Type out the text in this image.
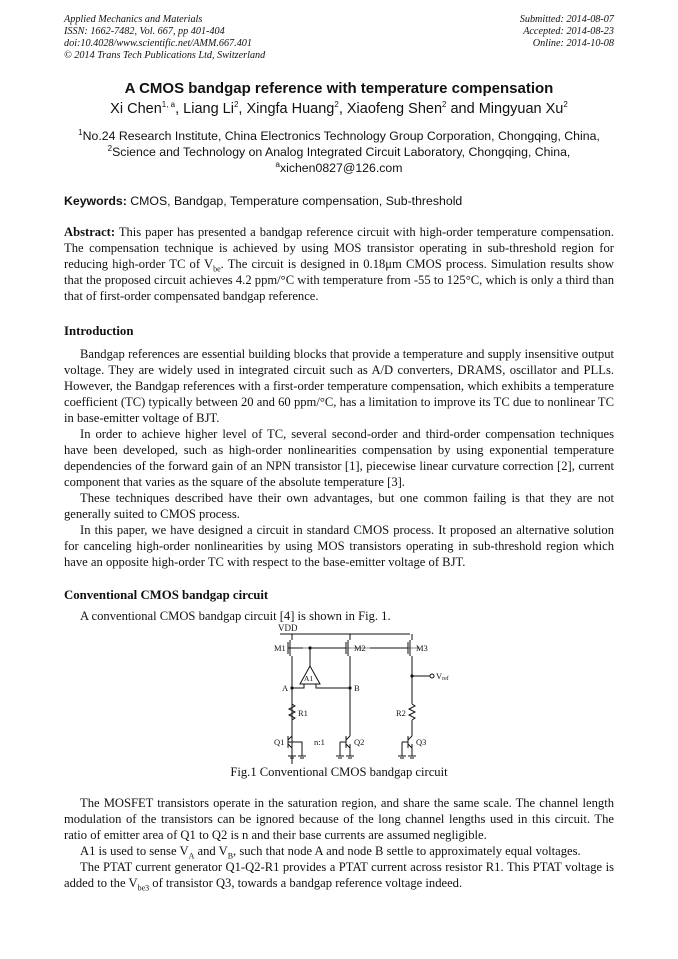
Applied Mechanics and Materials
ISSN: 1662-7482, Vol. 667, pp 401-404
doi:10.4028/www.scientific.net/AMM.667.401
© 2014 Trans Tech Publications Ltd, Switzerland
Submitted: 2014-08-07
Accepted: 2014-08-23
Online: 2014-10-08
A CMOS bandgap reference with temperature compensation
Xi Chen$^{1, a}$, Liang Li$^2$, Xingfa Huang$^2$, Xiaofeng Shen$^2$ and Mingyuan Xu$^2$
$^1$No.24 Research Institute, China Electronics Technology Group Corporation, Chongqing, China,
$^2$Science and Technology on Analog Integrated Circuit Laboratory, Chongqing, China,
$^a$xichen0827@126.com
Keywords: CMOS, Bandgap, Temperature compensation, Sub-threshold

Abstract: This paper has presented a bandgap reference circuit with high-order temperature compensation. The compensation technique is achieved by using MOS transistor operating in sub-threshold region for reducing high-order TC of $V_{be}$. The circuit is designed in 0.18μm CMOS process. Simulation results show that the proposed circuit achieves 4.2 ppm/°C with temperature from -55 to 125°C, which is only a third than that of first-order compensated bandgap reference.

Introduction

Bandgap references are essential building blocks that provide a temperature and supply insensitive output voltage. They are widely used in integrated circuit such as A/D converters, DRAMS, oscillator and PLLs. However, the Bandgap references with a first-order temperature compensation, which exhibits a temperature coefficient (TC) typically between 20 and 60 ppm/°C, has a limitation to improve its TC due to nonlinear TC in base-emitter voltage of BJT.

In order to achieve higher level of TC, several second-order and third-order compensation techniques have been developed, such as high-order nonlinearities compensation by using exponential temperature dependencies of the forward gain of an NPN transistor [1], piecewise linear curvature correction [2], current component that varies as the square of the absolute temperature [3].

These techniques described have their own advantages, but one common failing is that they are not generally suited to CMOS process.

In this paper, we have designed a circuit in standard CMOS process. It proposed an alternative solution for canceling high-order nonlinearities by using MOS transistors operating in sub-threshold region which have an opposite high-order TC with respect to the base-emitter voltage of BJT.

Conventional CMOS bandgap circuit

A conventional CMOS bandgap circuit [4] is shown in Fig. 1.

VDD
M1	M2	M3
A1
A	B
R1	R2
Q1	n:1	Q2	Q3
Vref
Fig.1 Conventional CMOS bandgap circuit

The MOSFET transistors operate in the saturation region, and share the same scale. The channel length modulation of the transistors can be ignored because of the long channel lengths used in this circuit. The ratio of emitter area of Q1 to Q2 is n and their base currents are assumed negligible.

A1 is used to sense $V_A$ and $V_B$, such that node A and node B settle to approximately equal voltages.

The PTAT current generator Q1-Q2-R1 provides a PTAT current across resistor R1. This PTAT voltage is added to the $V_{be3}$ of transistor Q3, towards a bandgap reference voltage indeed.
